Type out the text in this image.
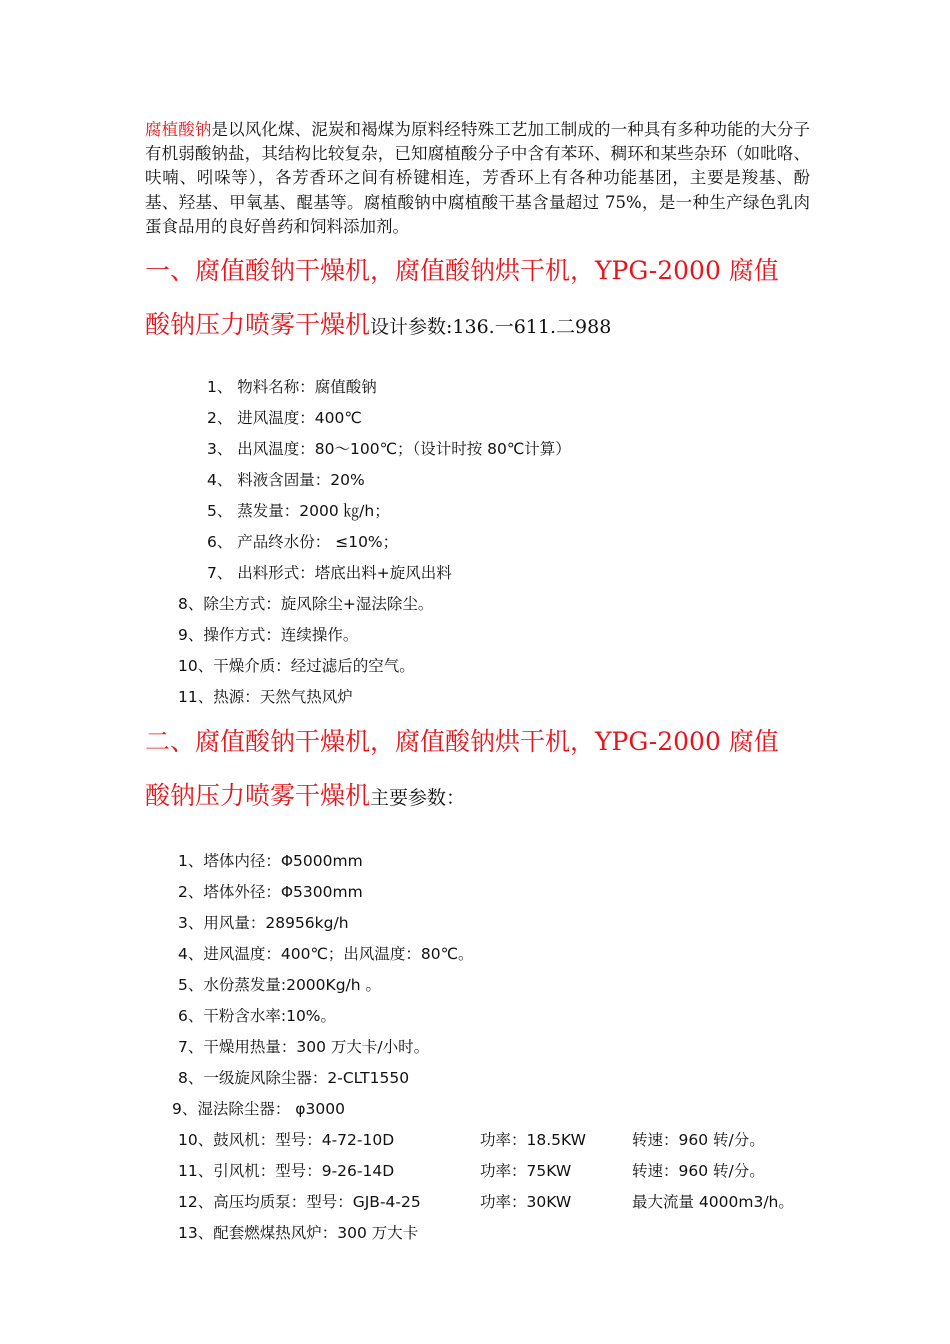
腐植酸钠是以风化煤、泥炭和褐煤为原料经特殊工艺加工制成的一种具有多种功能的大分子有机弱酸钠盐，其结构比较复杂，已知腐植酸分子中含有苯环、稠环和某些杂环（如吡咯、呋喃、吲哚等），各芳香环之间有桥键相连，芳香环上有各种功能基团，主要是羧基、酚基、羟基、甲氧基、醌基等。腐植酸钠中腐植酸干基含量超过 75%，是一种生产绿色乳肉蛋食品用的良好兽药和饲料添加剂。

一、腐值酸钠干燥机，腐值酸钠烘干机，YPG-2000 腐值
酸钠压力喷雾干燥机设计参数:136.一611.二988
1、 物料名称：腐值酸钠
2、 进风温度：400℃
3、 出风温度：80～100℃；（设计时按 80℃计算）
4、 料液含固量：20%
5、 蒸发量：2000 ㎏/h；
6、 产品终水份： ≤10%；
7、 出料形式：塔底出料+旋风出料
8、除尘方式：旋风除尘+湿法除尘。
9、操作方式：连续操作。
10、干燥介质：经过滤后的空气。
11、热源：天然气热风炉
二、腐值酸钠干燥机，腐值酸钠烘干机，YPG-2000 腐值
酸钠压力喷雾干燥机主要参数：
1、塔体内径：Φ5000mm
2、塔体外径：Φ5300mm
3、用风量：28956kg/h
4、进风温度：400℃；出风温度：80℃。
5、水份蒸发量:2000Kg/h 。
6、干粉含水率:10%。
7、干燥用热量：300 万大卡/小时。
8、一级旋风除尘器：2-CLT1550
9、湿法除尘器： φ3000
10、鼓风机：型号：4-72-10D	功率：18.5KW	转速：960 转/分。
11、引风机：型号：9-26-14D	功率：75KW	转速：960 转/分。
12、高压均质泵：型号：GJB-4-25	功率：30KW	最大流量 4000m3/h。
13、配套燃煤热风炉：300 万大卡
